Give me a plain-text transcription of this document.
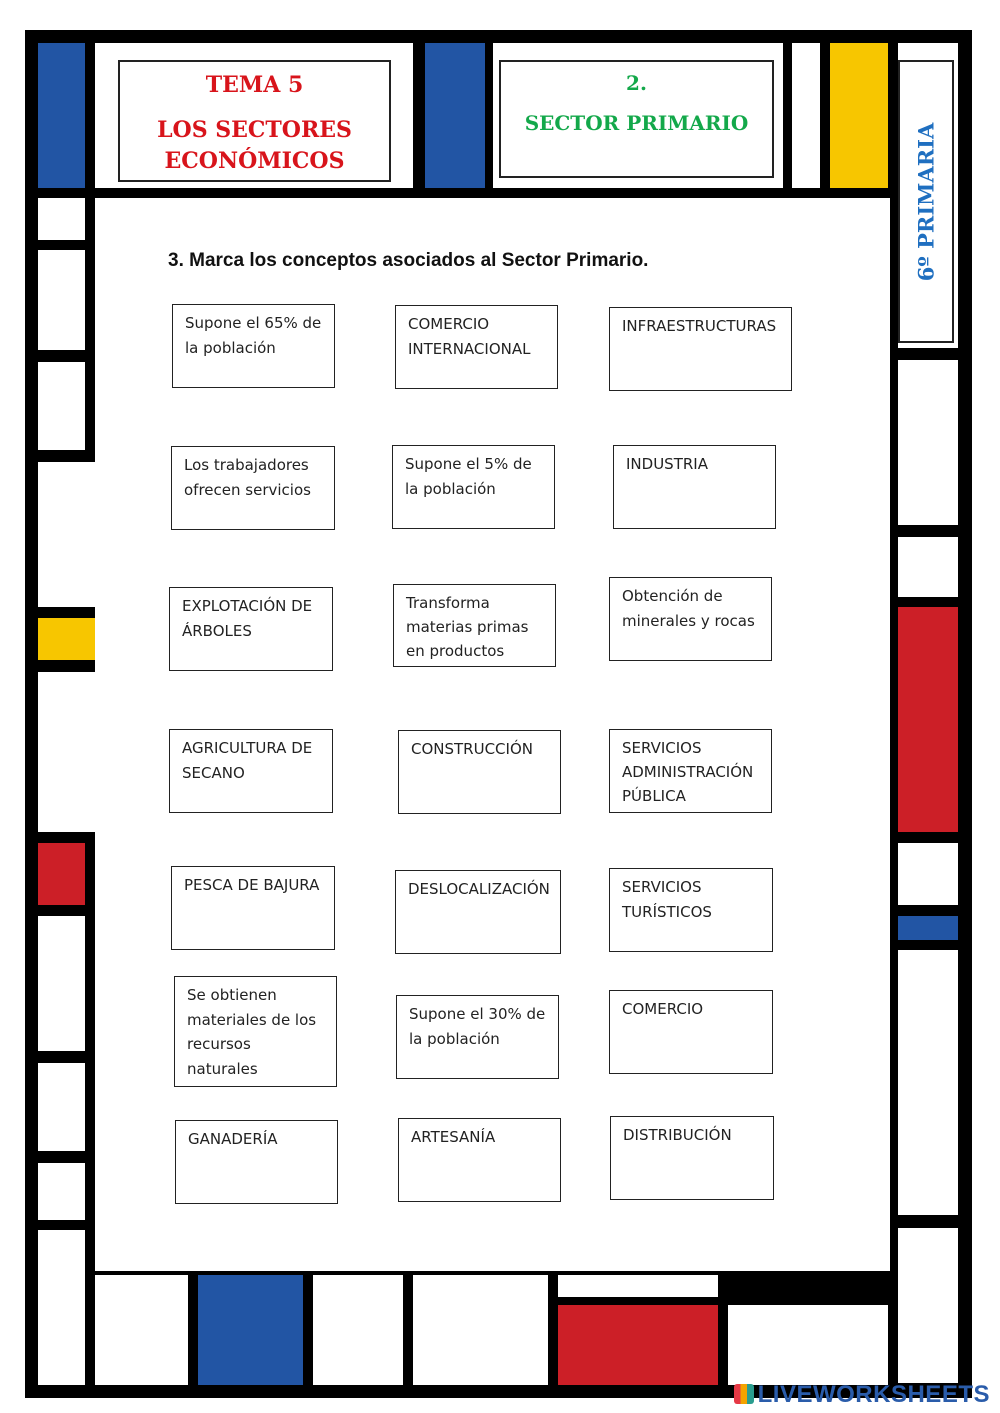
TEMA 5
LOS SECTORES
ECONÓMICOS
2.
SECTOR PRIMARIO	6º PRIMARIA
3. Marca los conceptos asociados al Sector Primario.
Supone el 65% de
la población
COMERCIO
INTERNACIONAL
INFRAESTRUCTURAS
Los trabajadores
ofrecen servicios
Supone el 5% de
la población
INDUSTRIA
EXPLOTACIÓN DE
ÁRBOLES
Transforma
materias primas
en productos
Obtención de
minerales y rocas
AGRICULTURA DE
SECANO
CONSTRUCCIÓN	SERVICIOS
ADMINISTRACIÓN
PÚBLICA
PESCA DE BAJURA	DESLOCALIZACIÓN	SERVICIOS
TURÍSTICOS
Se obtienen
materiales de los
recursos
naturales
Supone el 30% de
la población
COMERCIO
GANADERÍA	ARTESANÍA	DISTRIBUCIÓN
LIVEWORKSHEETS
